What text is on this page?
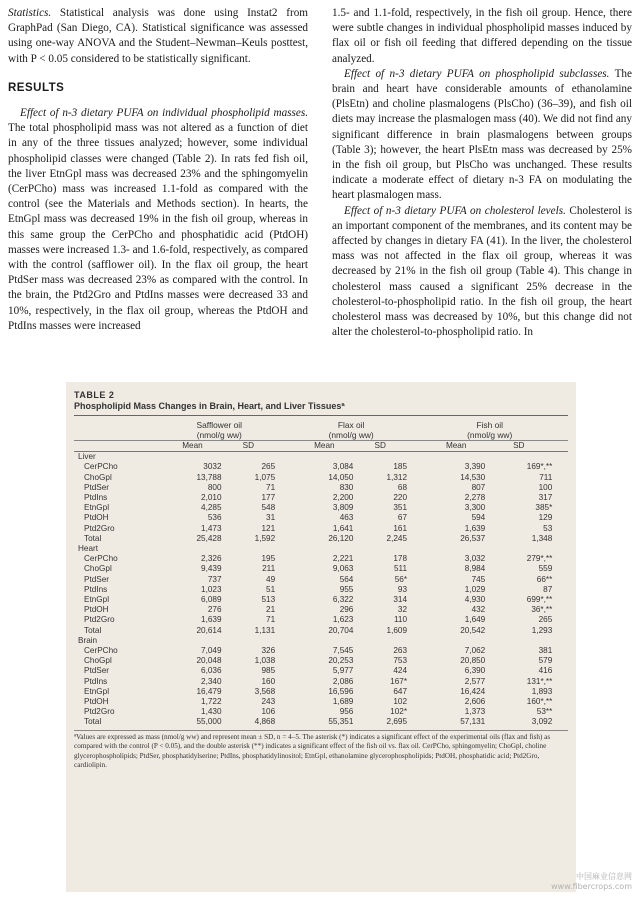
Statistics. Statistical analysis was done using Instat2 from GraphPad (San Diego, CA). Statistical significance was assessed using one-way ANOVA and the Student–Newman–Keuls posttest, with P < 0.05 considered to be statistically significant.

RESULTS

Effect of n-3 dietary PUFA on individual phospholipid masses. The total phospholipid mass was not altered as a function of diet in any of the three tissues analyzed; however, some individual phospholipid classes were changed (Table 2). In rats fed fish oil, the liver EtnGpl mass was decreased 23% and the sphingomyelin (CerPCho) mass was increased 1.1-fold as compared with the control (see the Materials and Methods section). In hearts, the EtnGpl mass was decreased 19% in the fish oil group, whereas in this same group the CerPCho and phosphatidic acid (PtdOH) masses were increased 1.3- and 1.6-fold, respectively, as compared with the control (safflower oil). In the flax oil group, the heart PtdSer mass was decreased 23% as compared with the control. In the brain, the Ptd2Gro and PtdIns masses were decreased 33 and 10%, respectively, in the flax oil group, whereas the PtdOH and PtdIns masses were increased

1.5- and 1.1-fold, respectively, in the fish oil group. Hence, there were subtle changes in individual phospholipid masses induced by flax oil or fish oil feeding that differed depending on the tissue analyzed.

Effect of n-3 dietary PUFA on phospholipid subclasses. The brain and heart have considerable amounts of ethanolamine (PlsEtn) and choline plasmalogens (PlsCho) (36–39), and fish oil diets may increase the plasmalogen mass (40). We did not find any significant difference in brain plasmalogens between groups (Table 3); however, the heart PlsEtn mass was decreased by 25% in the fish oil group, but PlsCho was unchanged. These results indicate a moderate effect of dietary n-3 FA on modulating the heart plasmalogen mass.

Effect of n-3 dietary PUFA on cholesterol levels. Cholesterol is an important component of the membranes, and its content may be affected by changes in dietary FA (41). In the liver, the cholesterol mass was not affected in the flax oil group, whereas it was decreased by 21% in the fish oil group (Table 4). This change in cholesterol mass caused a significant 25% decrease in the cholesterol-to-phospholipid ratio. In the fish oil group, the heart cholesterol mass was decreased by 10%, but this change did not alter the cholesterol-to-phospholipid ratio. In

TABLE 2
Phospholipid Mass Changes in Brain, Heart, and Liver Tissuesª
	Safflower oil
(nmol/g ww)			Flax oil
(nmol/g ww)			Fish oil
(nmol/g ww)		
	Mean	SD		Mean	SD		Mean	SD	
Liver									
CerPCho	3032	265		3,084	185		3,390	169*,**	
ChoGpl	13,788	1,075		14,050	1,312		14,530	711	
PtdSer	800	71		830	68		807	100	
PtdIns	2,010	177		2,200	220		2,278	317	
EtnGpl	4,285	548		3,809	351		3,300	385*	
PtdOH	536	31		463	67		594	129	
Ptd2Gro	1,473	121		1,641	161		1,639	53	
Total	25,428	1,592		26,120	2,245		26,537	1,348	
Heart									
CerPCho	2,326	195		2,221	178		3,032	279*,**	
ChoGpl	9,439	211		9,063	511		8,984	559	
PtdSer	737	49		564	56*		745	66**	
PtdIns	1,023	51		955	93		1,029	87	
EtnGpl	6,089	513		6,322	314		4,930	699*,**	
PtdOH	276	21		296	32		432	36*,**	
Ptd2Gro	1,639	71		1,623	110		1,649	265	
Total	20,614	1,131		20,704	1,609		20,542	1,293	
Brain									
CerPCho	7,049	326		7,545	263		7,062	381	
ChoGpl	20,048	1,038		20,253	753		20,850	579	
PtdSer	6,036	985		5,977	424		6,390	416	
PtdIns	2,340	160		2,086	167*		2,577	131*,**	
EtnGpl	16,479	3,568		16,596	647		16,424	1,893	
PtdOH	1,722	243		1,689	102		2,606	160*,**	
Ptd2Gro	1,430	106		956	102*		1,373	53**	
Total	55,000	4,868		55,351	2,695		57,131	3,092	
ªValues are expressed as mass (nmol/g ww) and represent mean ± SD, n = 4–5. The asterisk (*) indicates a significant effect of the experimental oils (flax and fish) as compared with the control (P < 0.05), and the double asterisk (**) indicates a significant effect of the fish oil vs. flax oil. CerPCho, sphingomyelin; ChoGpl, choline glycerophospholipids; PtdSer, phosphatidylserine; PtdIns, phosphatidylinositol; EtnGpl, ethanolamine glycerophospholipids; PtdOH, phosphatidic acid; Ptd2Gro, cardiolipin.
中国麻业信息网
www.fibercrops.com
